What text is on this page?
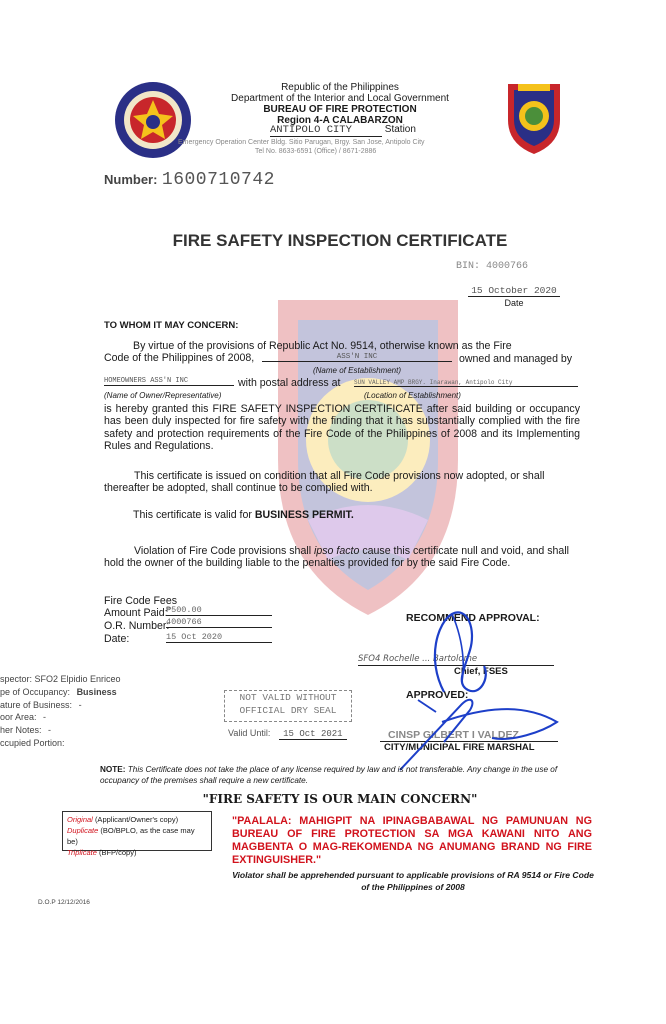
Republic of the Philippines
Department of the Interior and Local Government
BUREAU OF FIRE PROTECTION
Region 4-A CALABARZON
ANTIPOLO CITY	Station
Emergency Operation Center Bldg. Sitio Parugan, Brgy. San Jose, Antipolo City
Tel No. 8633-6591 (Office) / 8671-2886
Number: 1600710742
FIRE SAFETY INSPECTION CERTIFICATE
BIN: 4000766
15 October 2020
Date
TO WHOM IT MAY CONCERN:
By virtue of the provisions of Republic Act No. 9514, otherwise known as the Fire
Code of the Philippines of 2008,	ASS'N INC	owned and managed by
(Name of Establishment)
HOMEOWNERS ASS'N INC	with postal address at SUN VALLEY AMP BRGY. Inarawan, Antipolo City
(Name of Owner/Representative)	(Location of Establishment)
is hereby granted this FIRE SAFETY INSPECTION CERTIFICATE after said building or occupancy has been duly inspected for fire safety with the finding that it has substantially complied with the fire safety and protection requirements of the Fire Code of the Philippines of 2008 and its Implementing Rules and Regulations.
This certificate is issued on condition that all Fire Code provisions now adopted, or shall thereafter be adopted, shall continue to be complied with.
This certificate is valid for BUSINESS PERMIT.
Violation of Fire Code provisions shall ipso facto cause this certificate null and void, and shall hold the owner of the building liable to the penalties provided for by the said Fire Code.
Fire Code Fees
Amount Paid:
₱500.00
O.R. Number:
4000766
Date:	15 Oct 2020
RECOMMEND APPROVAL:
SFO4 Rochelle ... Bartolome
Chief, FSES
APPROVED:
CINSP GILBERT I VALDEZ
CITY/MUNICIPAL FIRE MARSHAL
spector: SFO2 Elpidio Enriceo
pe of Occupancy: Business
ature of Business: -
oor Area: -
her Notes: -
ccupied Portion:
NOT VALID WITHOUT
OFFICIAL DRY SEAL
Valid Until: 15 Oct 2021
NOTE: This Certificate does not take the place of any license required by law and is not transferable. Any change in the use of occupancy of the premises shall require a new certificate.
"FIRE SAFETY IS OUR MAIN CONCERN"
Original (Applicant/Owner's copy)
Duplicate (BO/BPLO, as the case may be)
Triplicate (BFP/copy)
"PAALALA: MAHIGPIT NA IPINAGBABAWAL NG PAMUNUAN NG BUREAU OF FIRE PROTECTION SA MGA KAWANI NITO ANG MAGBENTA O MAG-REKOMENDA NG ANUMANG BRAND NG FIRE EXTINGUISHER."
Violator shall be apprehended pursuant to applicable provisions of RA 9514 or Fire Code of the Philippines of 2008
D.O.P 12/12/2016
